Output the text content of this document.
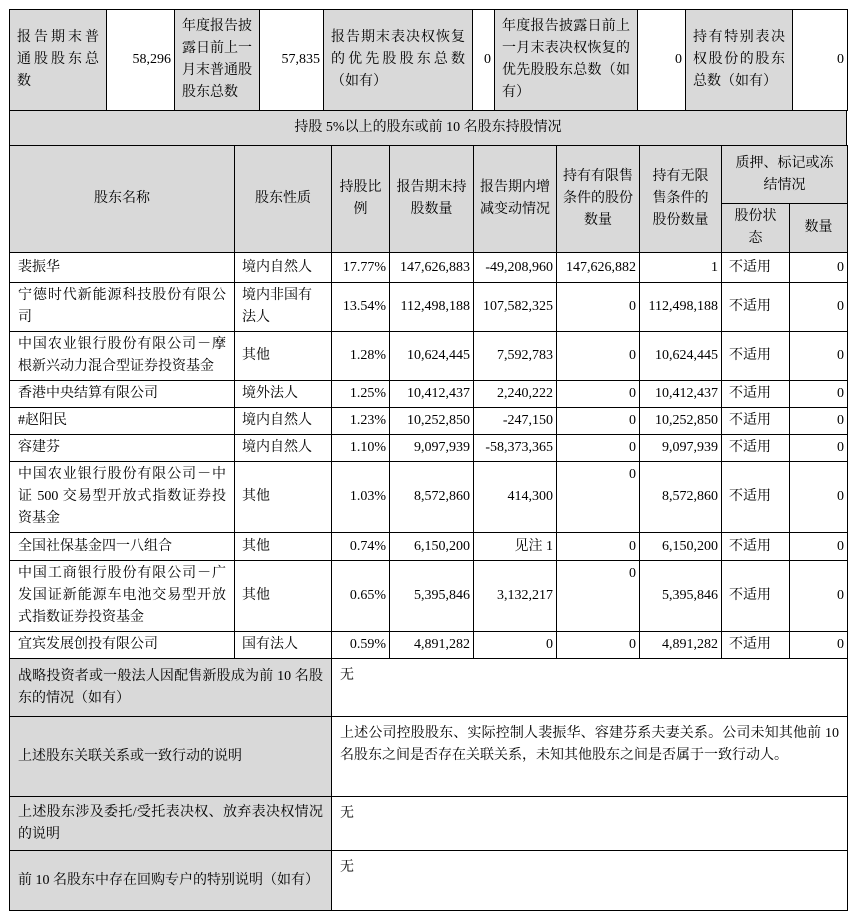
报告期末普通股股东总数	58,296	年度报告披露日前上一月末普通股股东总数	57,835	报告期末表决权恢复的优先股股东总数（如有）	0	年度报告披露日前上一月末表决权恢复的优先股股东总数（如有）	0	持有特别表决权股份的股东总数（如有）	0
持股 5%以上的股东或前 10 名股东持股情况
股东名称	股东性质	持股比例	报告期末持股数量	报告期内增减变动情况	持有有限售条件的股份数量	持有无限售条件的股份数量	质押、标记或冻结情况	
							股份状态	数量
裴振华	境内自然人	17.77%	147,626,883	-49,208,960	147,626,882	1	不适用	0
宁德时代新能源科技股份有限公司	境内非国有法人	13.54%	112,498,188	107,582,325	0	112,498,188	不适用	0
中国农业银行股份有限公司－摩根新兴动力混合型证券投资基金	其他	1.28%	10,624,445	7,592,783	0	10,624,445	不适用	0
香港中央结算有限公司	境外法人	1.25%	10,412,437	2,240,222	0	10,412,437	不适用	0
#赵阳民	境内自然人	1.23%	10,252,850	-247,150	0	10,252,850	不适用	0
容建芬	境内自然人	1.10%	9,097,939	-58,373,365	0	9,097,939	不适用	0
中国农业银行股份有限公司－中证 500 交易型开放式指数证券投资基金	其他	1.03%	8,572,860	414,300	0	8,572,860	不适用	0
全国社保基金四一八组合	其他	0.74%	6,150,200	见注 1	0	6,150,200	不适用	0
中国工商银行股份有限公司－广发国证新能源车电池交易型开放式指数证券投资基金	其他	0.65%	5,395,846	3,132,217	0	5,395,846	不适用	0
宜宾发展创投有限公司	国有法人	0.59%	4,891,282	0	0	4,891,282	不适用	0
战略投资者或一般法人因配售新股成为前 10 名股东的情况（如有）	无
上述股东关联关系或一致行动的说明	上述公司控股股东、实际控制人裴振华、容建芬系夫妻关系。公司未知其他前 10 名股东之间是否存在关联关系，未知其他股东之间是否属于一致行动人。
上述股东涉及委托/受托表决权、放弃表决权情况的说明	无
前 10 名股东中存在回购专户的特别说明（如有）	无
